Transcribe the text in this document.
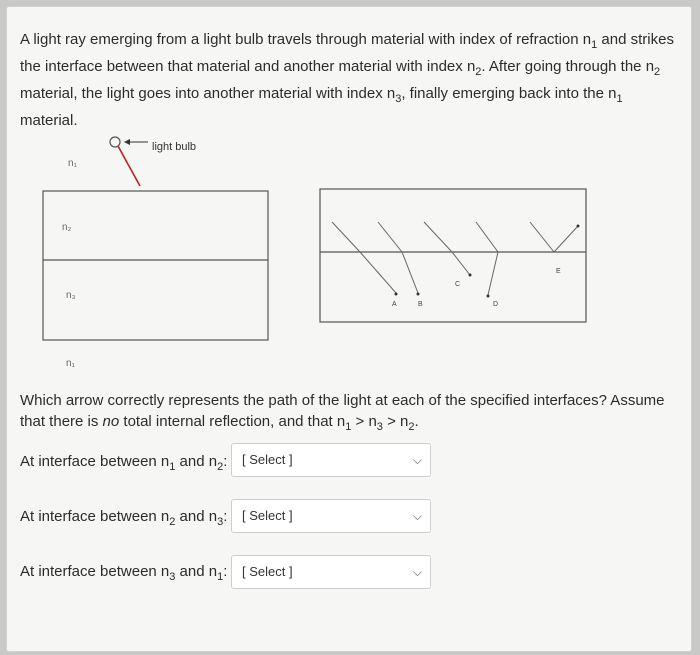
A light ray emerging from a light bulb travels through material with index of refraction $n_1$ and strikes the interface between that material and another material with index $n_2$. After going through the $n_2$ material, the light goes into another material with index $n_3$, finally emerging back into the $n_1$ material.
light bulb
n₁
n₂
n₃
n₁
A	B
C
D
E
Which arrow correctly represents the path of the light at each of the specified interfaces? Assume that there is no total internal reflection, and that $n_1 > n_3 > n_2$.
At interface between $n_1$ and $n_2$: [ Select ]	⌵
At interface between $n_2$ and $n_3$: [ Select ]	⌵
At interface between $n_3$ and $n_1$: [ Select ]	⌵
